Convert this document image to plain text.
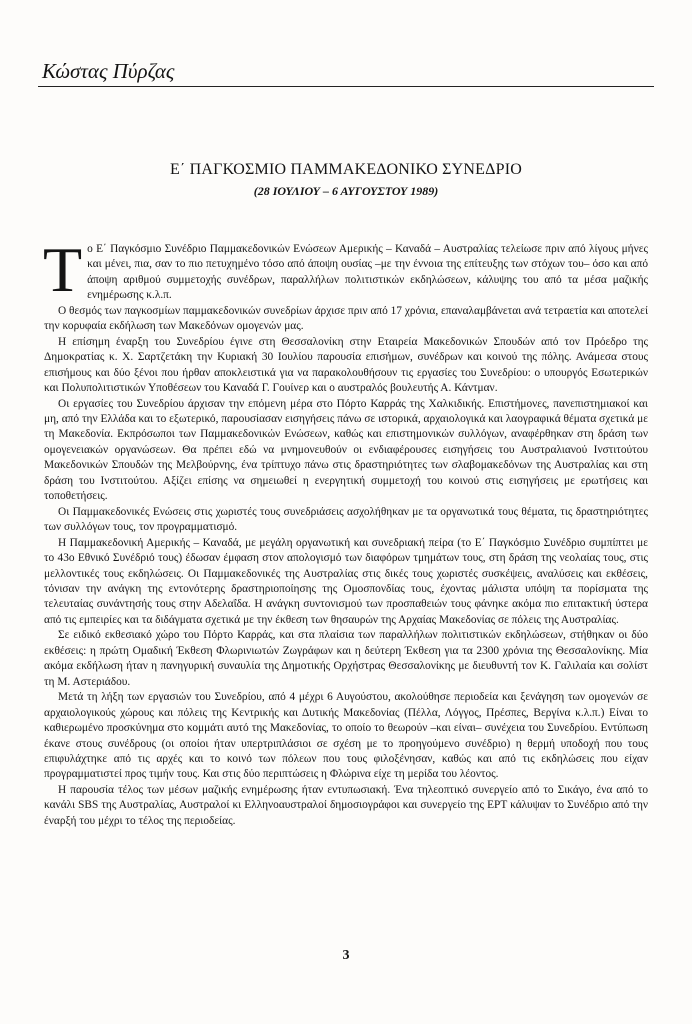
Κώστας Πύρζας
Ε΄ ΠΑΓΚΟΣΜΙΟ ΠΑΜΜΑΚΕΔΟΝΙΚΟ ΣΥΝΕΔΡΙΟ
(28 ΙΟΥΛΙΟΥ – 6 ΑΥΓΟΥΣΤΟΥ 1989)

Το Ε΄ Παγκόσμιο Συνέδριο Παμμακεδονικών Ενώσεων Αμερικής – Καναδά – Αυστραλίας τελείωσε πριν από λίγους μήνες και μένει, πια, σαν το πιο πετυχημένο τόσο από άποψη ουσίας –με την έννοια της επίτευξης των στόχων του– όσο και από άποψη αριθμού συμμετοχής συνέδρων, παραλλήλων πολιτιστικών εκδηλώσεων, κάλυψης του από τα μέσα μαζικής ενημέρωσης κ.λ.π.

Ο θεσμός των παγκοσμίων παμμακεδονικών συνεδρίων άρχισε πριν από 17 χρόνια, επαναλαμβάνεται ανά τετραετία και αποτελεί την κορυφαία εκδήλωση των Μακεδόνων ομογενών μας.

Η επίσημη έναρξη του Συνεδρίου έγινε στη Θεσσαλονίκη στην Εταιρεία Μακεδονικών Σπουδών από τον Πρόεδρο της Δημοκρατίας κ. Χ. Σαρτζετάκη την Κυριακή 30 Ιουλίου παρουσία επισήμων, συνέδρων και κοινού της πόλης. Ανάμεσα στους επισήμους και δύο ξένοι που ήρθαν αποκλειστικά για να παρακολουθήσουν τις εργασίες του Συνεδρίου: ο υπουργός Εσωτερικών και Πολυπολιτιστικών Υποθέσεων του Καναδά Γ. Γουίνερ και ο αυστραλός βουλευτής Α. Κάντμαν.

Οι εργασίες του Συνεδρίου άρχισαν την επόμενη μέρα στο Πόρτο Καρράς της Χαλκιδικής. Επιστήμονες, πανεπιστημιακοί και μη, από την Ελλάδα και το εξωτερικό, παρουσίασαν εισηγήσεις πάνω σε ιστορικά, αρχαιολογικά και λαογραφικά θέματα σχετικά με τη Μακεδονία. Εκπρόσωποι των Παμμακεδονικών Ενώσεων, καθώς και επιστημονικών συλλόγων, αναφέρθηκαν στη δράση των ομογενειακών οργανώσεων. Θα πρέπει εδώ να μνημονευθούν οι ενδιαφέρουσες εισηγήσεις του Αυστραλιανού Ινστιτούτου Μακεδονικών Σπουδών της Μελβούρνης, ένα τρίπτυχο πάνω στις δραστηριότητες των σλαβομακεδόνων της Αυστραλίας και στη δράση του Ινστιτούτου. Αξίζει επίσης να σημειωθεί η ενεργητική συμμετοχή του κοινού στις εισηγήσεις με ερωτήσεις και τοποθετήσεις.

Οι Παμμακεδονικές Ενώσεις στις χωριστές τους συνεδριάσεις ασχολήθηκαν με τα οργανωτικά τους θέματα, τις δραστηριότητες των συλλόγων τους, τον προγραμματισμό.

Η Παμμακεδονική Αμερικής – Καναδά, με μεγάλη οργανωτική και συνεδριακή πείρα (το Ε΄ Παγκόσμιο Συνέδριο συμπίπτει με το 43ο Εθνικό Συνέδριό τους) έδωσαν έμφαση στον απολογισμό των διαφόρων τμημάτων τους, στη δράση της νεολαίας τους, στις μελλοντικές τους εκδηλώσεις. Οι Παμμακεδονικές της Αυστραλίας στις δικές τους χωριστές συσκέψεις, αναλύσεις και εκθέσεις, τόνισαν την ανάγκη της εντονότερης δραστηριοποίησης της Ομοσπονδίας τους, έχοντας μάλιστα υπόψη τα πορίσματα της τελευταίας συνάντησής τους στην Αδελαΐδα. Η ανάγκη συντονισμού των προσπαθειών τους φάνηκε ακόμα πιο επιτακτική ύστερα από τις εμπειρίες και τα διδάγματα σχετικά με την έκθεση των θησαυρών της Αρχαίας Μακεδονίας σε πόλεις της Αυστραλίας.

Σε ειδικό εκθεσιακό χώρο του Πόρτο Καρράς, και στα πλαίσια των παραλλήλων πολιτιστικών εκδηλώσεων, στήθηκαν οι δύο εκθέσεις: η πρώτη Ομαδική Έκθεση Φλωρινιωτών Ζωγράφων και η δεύτερη Έκθεση για τα 2300 χρόνια της Θεσσαλονίκης. Μία ακόμα εκδήλωση ήταν η πανηγυρική συναυλία της Δημοτικής Ορχήστρας Θεσσαλονίκης με διευθυντή τον Κ. Γαλιλαία και σολίστ τη Μ. Αστεριάδου.

Μετά τη λήξη των εργασιών του Συνεδρίου, από 4 μέχρι 6 Αυγούστου, ακολούθησε περιοδεία και ξενάγηση των ομογενών σε αρχαιολογικούς χώρους και πόλεις της Κεντρικής και Δυτικής Μακεδονίας (Πέλλα, Λόγγος, Πρέσπες, Βεργίνα κ.λ.π.) Είναι το καθιερωμένο προσκύνημα στο κομμάτι αυτό της Μακεδονίας, το οποίο το θεωρούν –και είναι– συνέχεια του Συνεδρίου. Εντύπωση έκανε στους συνέδρους (οι οποίοι ήταν υπερτριπλάσιοι σε σχέση με το προηγούμενο συνέδριο) η θερμή υποδοχή που τους επιφυλάχτηκε από τις αρχές και το κοινό των πόλεων που τους φιλοξένησαν, καθώς και από τις εκδηλώσεις που είχαν προγραμματιστεί προς τιμήν τους. Και στις δύο περιπτώσεις η Φλώρινα είχε τη μερίδα του λέοντος.

Η παρουσία τέλος των μέσων μαζικής ενημέρωσης ήταν εντυπωσιακή. Ένα τηλεοπτικό συνεργείο από το Σικάγο, ένα από το κανάλι SBS της Αυστραλίας, Αυστραλοί κι Ελληνοαυστραλοί δημοσιογράφοι και συνεργείο της ΕΡΤ κάλυψαν το Συνέδριο από την έναρξή του μέχρι το τέλος της περιοδείας.

3
